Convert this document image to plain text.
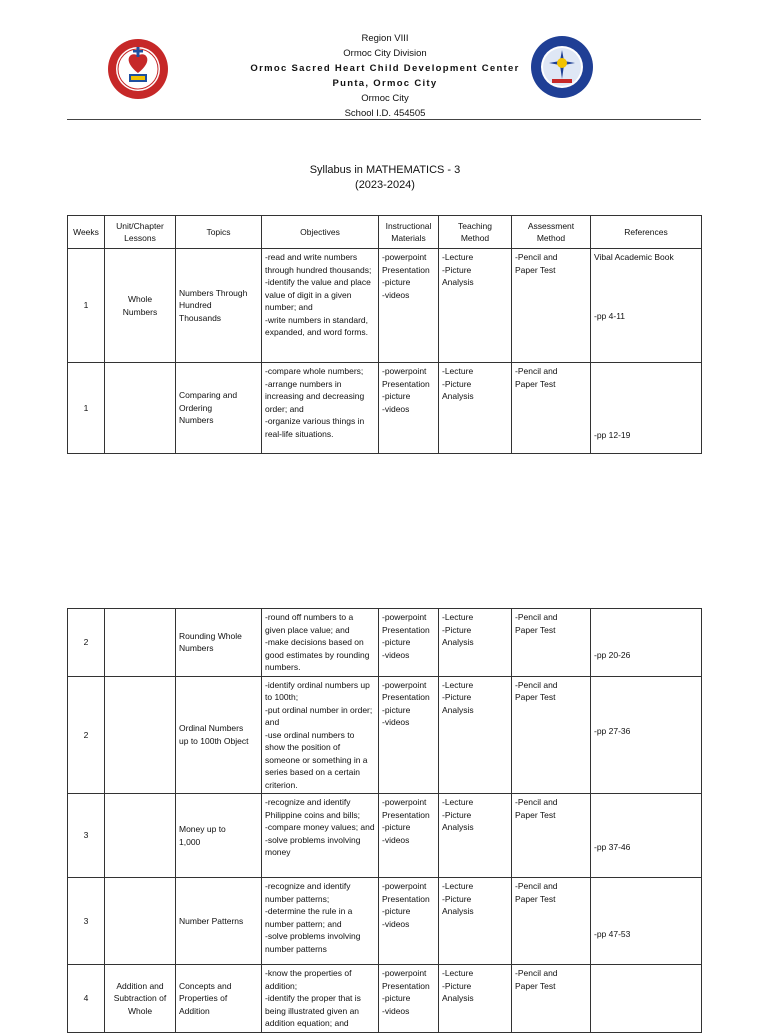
Region VIII
Ormoc City Division
Ormoc Sacred Heart Child Development Center
Punta, Ormoc City
Ormoc City
School I.D. 454505
Syllabus in MATHEMATICS - 3
(2023-2024)
Weeks	Unit/Chapter
Lessons	Topics	Objectives	Instructional
Materials	Teaching
Method	Assessment
Method	References
1	Whole
Numbers	Numbers Through
Hundred
Thousands	-read and write numbers through hundred thousands;
-identify the value and place value of digit in a given number; and
-write numbers in standard, expanded, and word forms.	-powerpoint Presentation
-picture
-videos	-Lecture
-Picture
Analysis	-Pencil and
Paper Test	Vibal Academic Book
-pp 4-11

1		Comparing and
Ordering
Numbers	-compare whole numbers;
-arrange numbers in increasing and decreasing order; and
-organize various things in real-life situations.	-powerpoint Presentation
-picture
-videos	-Lecture
-Picture
Analysis	-Pencil and
Paper Test	-pp 12-19
2		Rounding Whole
Numbers	-round off numbers to a given place value; and
-make decisions based on good estimates by rounding numbers.	-powerpoint Presentation
-picture
-videos	-Lecture
-Picture
Analysis	-Pencil and
Paper Test	-pp 20-26

2		Ordinal Numbers
up to 100th Object	-identify ordinal numbers up to 100th;
-put ordinal number in order; and
-use ordinal numbers to show the position of someone or something in a series based on a certain criterion.	-powerpoint Presentation
-picture
-videos	-Lecture
-Picture
Analysis	-Pencil and
Paper Test	-pp 27-36

3		Money up to
1,000	-recognize and identify Philippine coins and bills;
-compare money values; and
-solve problems involving money	-powerpoint Presentation
-picture
-videos	-Lecture
-Picture
Analysis	-Pencil and
Paper Test	-pp 37-46

3		Number Patterns	-recognize and identify number patterns;
-determine the rule in a number pattern; and
-solve problems involving number patterns	-powerpoint Presentation
-picture
-videos	-Lecture
-Picture
Analysis	-Pencil and
Paper Test	-pp 47-53

4	Addition and
Subtraction of
Whole	Concepts and
Properties of
Addition	-know the properties of addition;
-identify the proper that is being illustrated given an addition equation; and	-powerpoint Presentation
-picture
-videos	-Lecture
-Picture
Analysis	-Pencil and
Paper Test	
